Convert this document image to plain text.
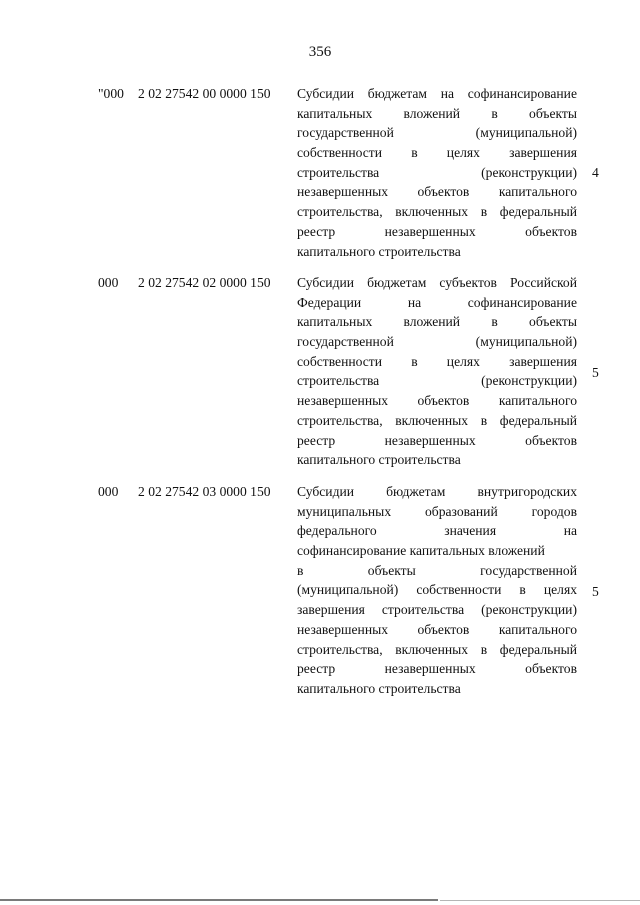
356
"000 2 02 27542 00 0000 150 Субсидии бюджетам на софинансирование
капитальных вложений в объекты
государственной (муниципальной)
собственности в целях завершения
строительства (реконструкции)
незавершенных объектов капитального
строительства, включенных в федеральный
реестр незавершенных объектов
капитального строительства
4
000 2 02 27542 02 0000 150 Субсидии бюджетам субъектов Российской
Федерации на софинансирование
капитальных вложений в объекты
государственной (муниципальной)
собственности в целях завершения
строительства (реконструкции)
незавершенных объектов капитального
строительства, включенных в федеральный
реестр незавершенных объектов
капитального строительства
5
000 2 02 27542 03 0000 150 Субсидии бюджетам внутригородских
муниципальных образований городов
федерального значения на
софинансирование капитальных вложений
в объекты государственной
(муниципальной) собственности в целях
завершения строительства (реконструкции)
незавершенных объектов капитального
строительства, включенных в федеральный
реестр незавершенных объектов
капитального строительства
5
